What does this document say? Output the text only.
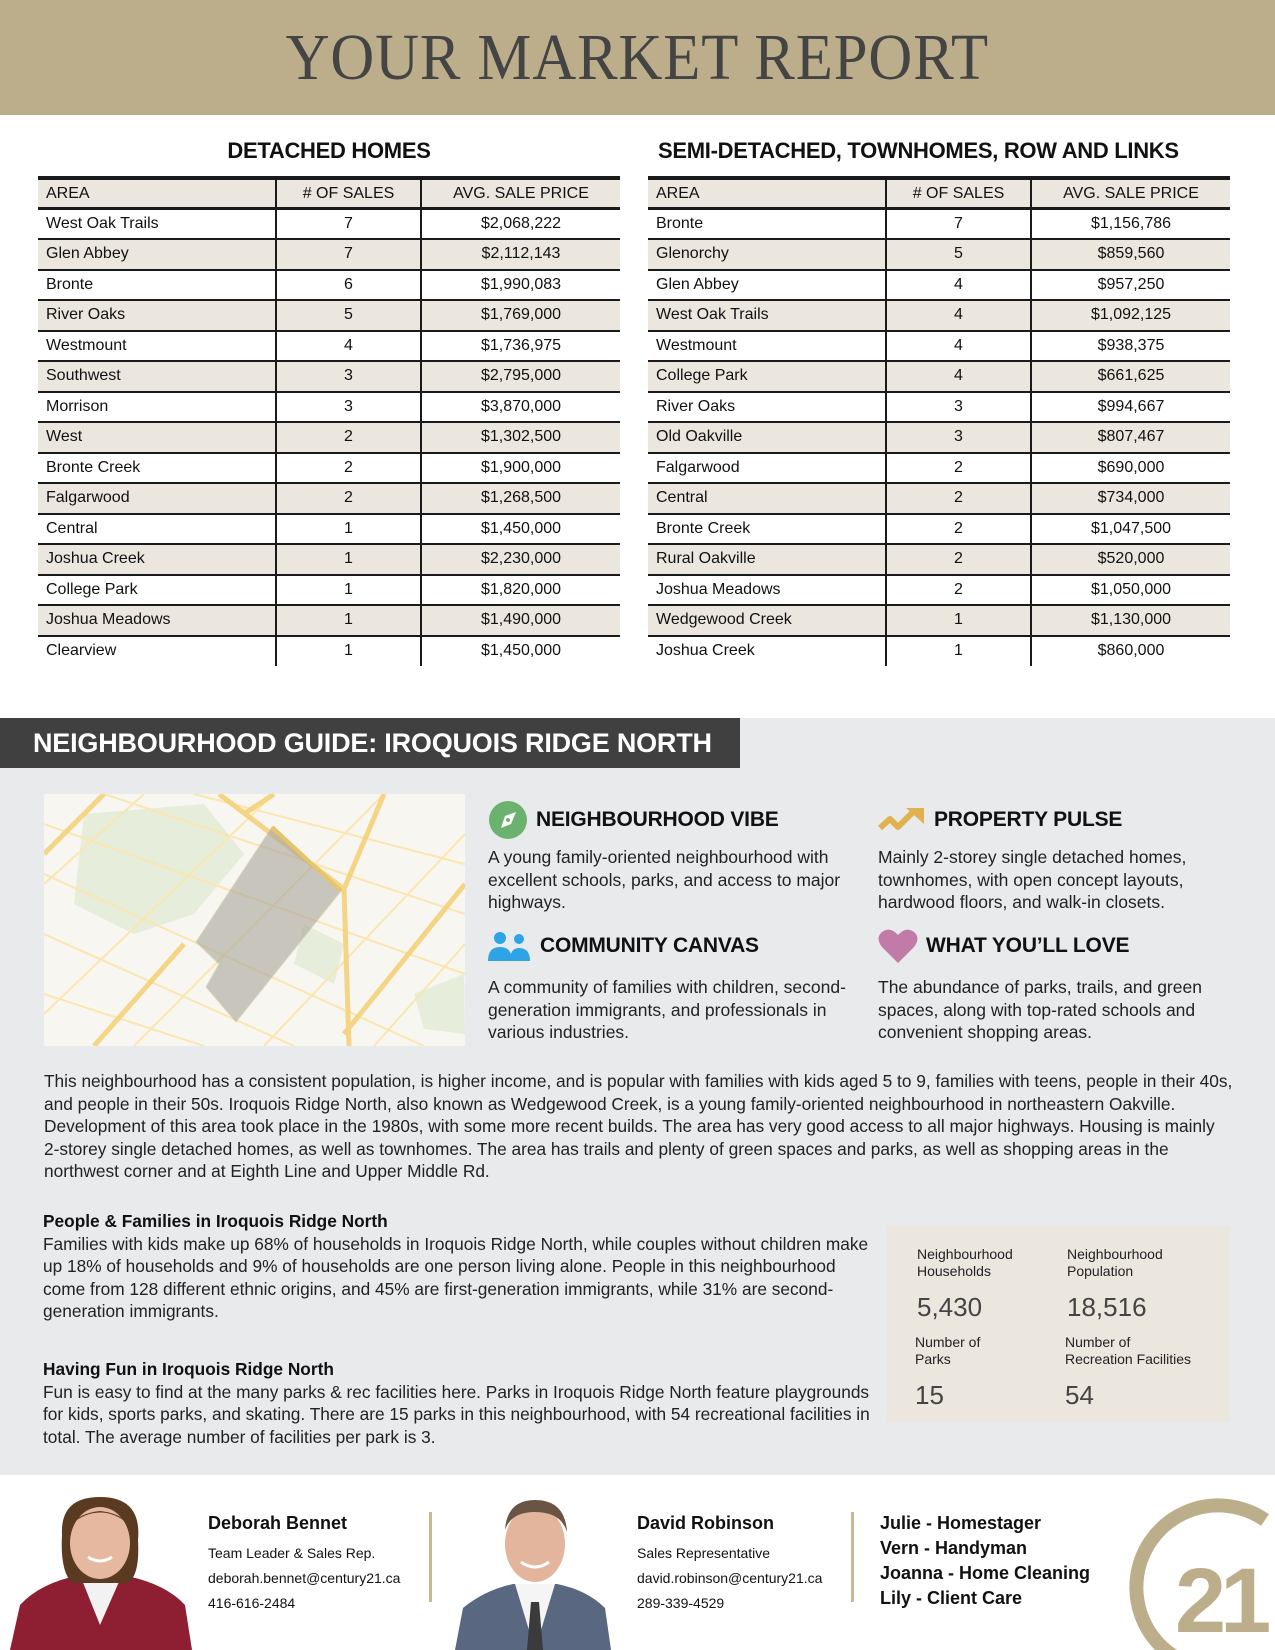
YOUR MARKET REPORT
DETACHED HOMES
AREA	# OF SALES	AVG. SALE PRICE
West Oak Trails	7	$2,068,222
Glen Abbey	7	$2,112,143
Bronte	6	$1,990,083
River Oaks	5	$1,769,000
Westmount	4	$1,736,975
Southwest	3	$2,795,000
Morrison	3	$3,870,000
West	2	$1,302,500
Bronte Creek	2	$1,900,000
Falgarwood	2	$1,268,500
Central	1	$1,450,000
Joshua Creek	1	$2,230,000
College Park	1	$1,820,000
Joshua Meadows	1	$1,490,000
Clearview	1	$1,450,000
SEMI-DETACHED, TOWNHOMES, ROW AND LINKS
AREA	# OF SALES	AVG. SALE PRICE
Bronte	7	$1,156,786
Glenorchy	5	$859,560
Glen Abbey	4	$957,250
West Oak Trails	4	$1,092,125
Westmount	4	$938,375
College Park	4	$661,625
River Oaks	3	$994,667
Old Oakville	3	$807,467
Falgarwood	2	$690,000
Central	2	$734,000
Bronte Creek	2	$1,047,500
Rural Oakville	2	$520,000
Joshua Meadows	2	$1,050,000
Wedgewood Creek	1	$1,130,000
Joshua Creek	1	$860,000
NEIGHBOURHOOD GUIDE: IROQUOIS RIDGE NORTH
NEIGHBOURHOOD VIBE
A young family-oriented neighbourhood with excellent schools, parks, and access to major highways.
PROPERTY PULSE
Mainly 2-storey single detached homes, townhomes, with open concept layouts, hardwood floors, and walk-in closets.
COMMUNITY CANVAS
A community of families with children, second-generation immigrants, and professionals in various industries.
WHAT YOU’LL LOVE
The abundance of parks, trails, and green spaces, along with top-rated schools and convenient shopping areas.
This neighbourhood has a consistent population, is higher income, and is popular with families with kids aged 5 to 9, families with teens, people in their 40s, and people in their 50s. Iroquois Ridge North, also known as Wedgewood Creek, is a young family-oriented neighbourhood in northeastern Oakville. Development of this area took place in the 1980s, with some more recent builds. The area has very good access to all major highways. Housing is mainly 2-storey single detached homes, as well as townhomes. The area has trails and plenty of green spaces and parks, as well as shopping areas in the northwest corner and at Eighth Line and Upper Middle Rd.
People & Families in Iroquois Ridge North
Families with kids make up 68% of households in Iroquois Ridge North, while couples without children make up 18% of households and 9% of households are one person living alone. People in this neighbourhood come from 128 different ethnic origins, and 45% are first-generation immigrants, while 31% are second-generation immigrants.
Having Fun in Iroquois Ridge North
Fun is easy to find at the many parks & rec facilities here. Parks in Iroquois Ridge North feature playgrounds for kids, sports parks, and skating. There are 15 parks in this neighbourhood, with 54 recreational facilities in total. The average number of facilities per park is 3.
Neighbourhood
Households
5,430
Neighbourhood
Population
18,516
Number of
Parks
15
Number of
Recreation Facilities
54
Deborah Bennet
Team Leader & Sales Rep.
deborah.bennet@century21.ca
416-616-2484
David Robinson
Sales Representative
david.robinson@century21.ca
289-339-4529
Julie - Homestager
Vern - Handyman
Joanna - Home Cleaning
Lily - Client Care	21
